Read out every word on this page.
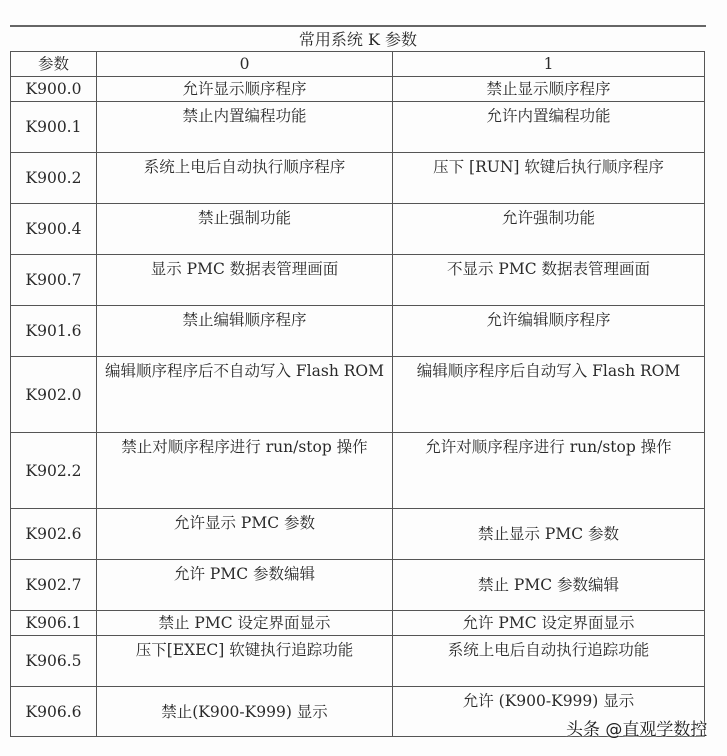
常用系统 K 参数
参数	0	1
K900.0	允许显示顺序程序	禁止显示顺序程序
K900.1	禁止内置编程功能	允许内置编程功能
K900.2	系统上电后自动执行顺序程序	压下 [RUN] 软键后执行顺序程序
K900.4	禁止强制功能	允许强制功能
K900.7	显示 PMC 数据表管理画面	不显示 PMC 数据表管理画面
K901.6	禁止编辑顺序程序	允许编辑顺序程序
K902.0	编辑顺序程序后不自动写入 Flash ROM	编辑顺序程序后自动写入 Flash ROM
K902.2	禁止对顺序程序进行 run/stop 操作	允许对顺序程序进行 run/stop 操作
K902.6	允许显示 PMC 参数	禁止显示 PMC 参数
K902.7	允许 PMC 参数编辑	禁止 PMC 参数编辑
K906.1	禁止 PMC 设定界面显示	允许 PMC 设定界面显示
K906.5	压下[EXEC] 软键执行追踪功能	系统上电后自动执行追踪功能
K906.6	禁止(K900-K999) 显示	允许 (K900-K999) 显示
头条 @直观学数控
